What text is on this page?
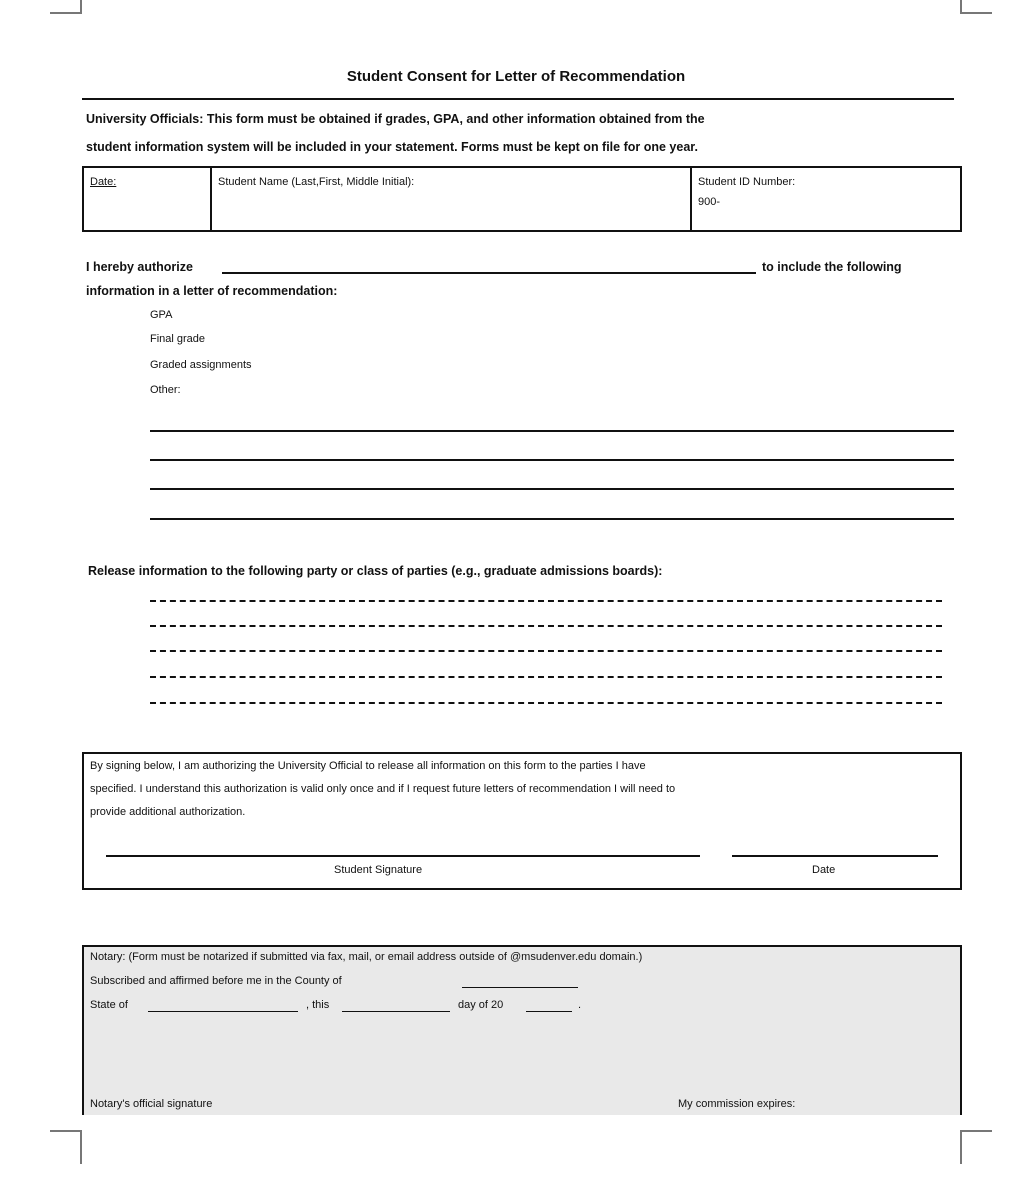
Student Consent for Letter of Recommendation
University Officials: This form must be obtained if grades, GPA, and other information obtained from the
student information system will be included in your statement. Forms must be kept on file for one year.
Date:	Student Name (Last,First, Middle Initial):	Student ID Number:
900-
I hereby authorize	to include the following
information in a letter of recommendation:
GPA
Final grade
Graded assignments
Other:
Release information to the following party or class of parties (e.g., graduate admissions boards):
By signing below, I am authorizing the University Official to release all information on this form to the parties I have
specified. I understand this authorization is valid only once and if I request future letters of recommendation I will need to
provide additional authorization.
Student Signature	Date
Notary: (Form must be notarized if submitted via fax, mail, or email address outside of @msudenver.edu domain.)
Subscribed and affirmed before me in the County of
State of	, this	day of 20	.
Notary's official signature	My commission expires:
